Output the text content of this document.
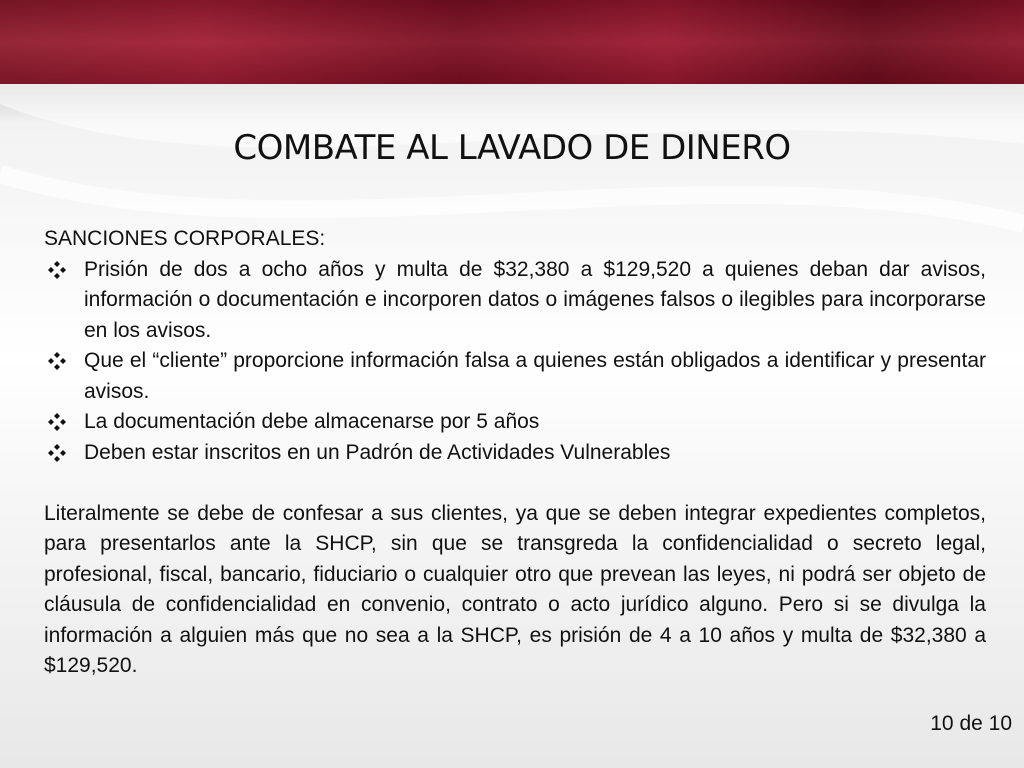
COMBATE AL LAVADO DE DINERO

SANCIONES CORPORALES:

Prisión de dos a ocho años y multa de $32,380 a $129,520 a quienes deban dar avisos, información o documentación e incorporen datos o imágenes falsos o ilegibles para incorporarse en los avisos.
Que el “cliente” proporcione información falsa a quienes están obligados a identificar y presentar avisos.
La documentación debe almacenarse por 5 años
Deben estar inscritos en un Padrón de Actividades Vulnerables

Literalmente se debe de confesar a sus clientes, ya que se deben integrar expedientes completos, para presentarlos ante la SHCP, sin que se transgreda la confidencialidad o secreto legal, profesional, fiscal, bancario, fiduciario o cualquier otro que prevean las leyes, ni podrá ser objeto de cláusula de confidencialidad en convenio, contrato o acto jurídico alguno. Pero si se divulga la información a alguien más que no sea a la SHCP, es prisión de 4 a 10 años y multa de $32,380 a $129,520.

10 de 10
